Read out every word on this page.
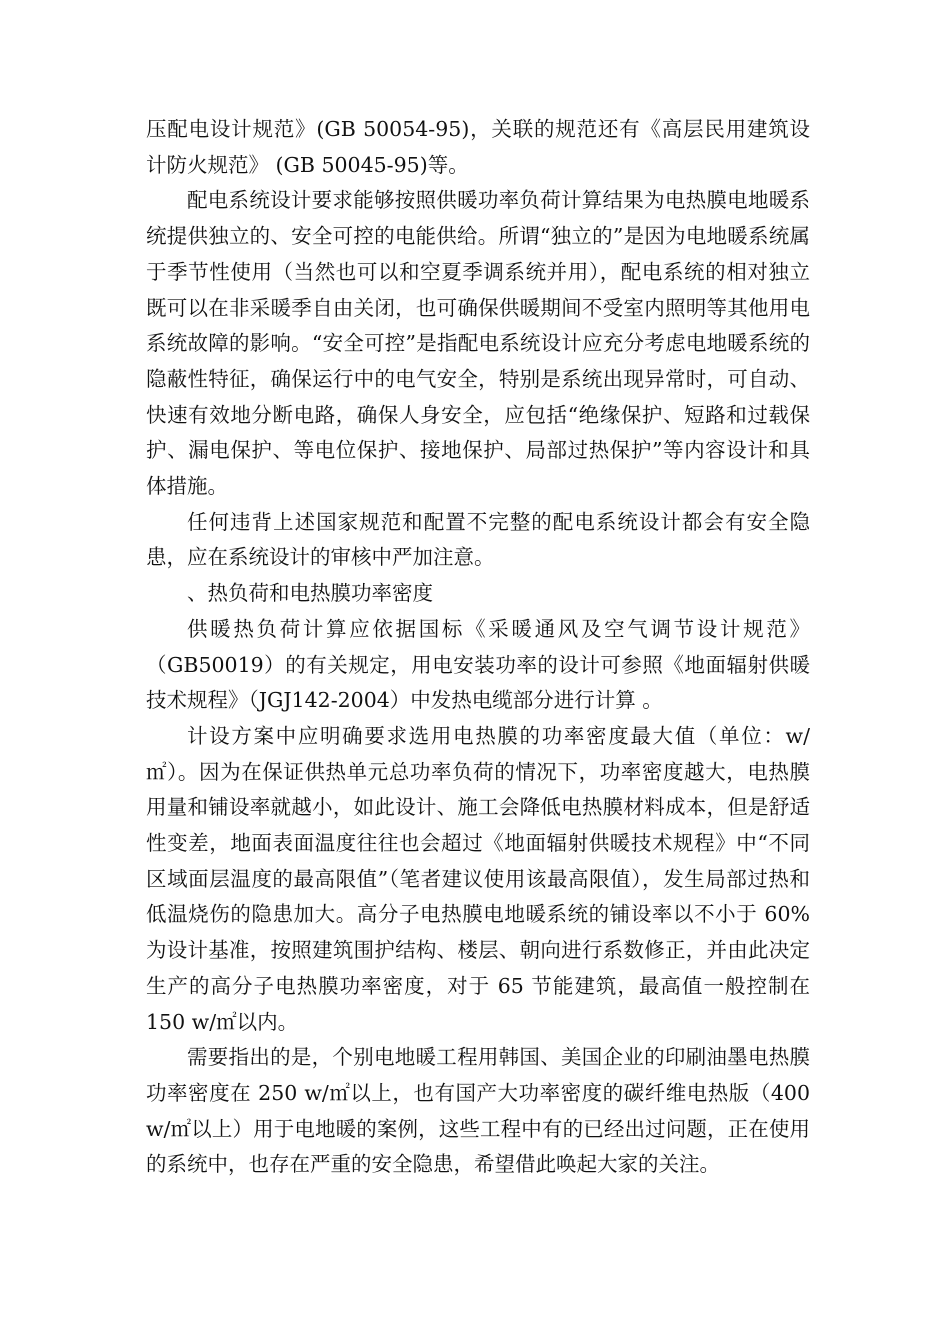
压配电设计规范》(GB 50054-95)，关联的规范还有《高层民用建筑设计防火规范》 (GB 50045-95)等。

配电系统设计要求能够按照供暖功率负荷计算结果为电热膜电地暖系统提供独立的、安全可控的电能供给。所谓“独立的”是因为电地暖系统属于季节性使用（当然也可以和空夏季调系统并用），配电系统的相对独立既可以在非采暖季自由关闭，也可确保供暖期间不受室内照明等其他用电系统故障的影响。“安全可控”是指配电系统设计应充分考虑电地暖系统的隐蔽性特征，确保运行中的电气安全，特别是系统出现异常时，可自动、快速有效地分断电路，确保人身安全，应包括“绝缘保护、短路和过载保护、漏电保护、等电位保护、接地保护、局部过热保护”等内容设计和具体措施。

任何违背上述国家规范和配置不完整的配电系统设计都会有安全隐患，应在系统设计的审核中严加注意。

、热负荷和电热膜功率密度

供暖热负荷计算应依据国标《采暖通风及空气调节设计规范》（GB50019）的有关规定，用电安装功率的设计可参照《地面辐射供暖技术规程》（JGJ142-2004）中发热电缆部分进行计算 。

计设方案中应明确要求选用电热膜的功率密度最大值（单位：w/㎡）。因为在保证供热单元总功率负荷的情况下，功率密度越大，电热膜用量和铺设率就越小，如此设计、施工会降低电热膜材料成本，但是舒适性变差，地面表面温度往往也会超过《地面辐射供暖技术规程》中“不同区域面层温度的最高限值”（笔者建议使用该最高限值），发生局部过热和低温烧伤的隐患加大。高分子电热膜电地暖系统的铺设率以不小于 60%为设计基准，按照建筑围护结构、楼层、朝向进行系数修正，并由此决定生产的高分子电热膜功率密度，对于 65 节能建筑，最高值一般控制在 150 w/㎡以内。

需要指出的是，个别电地暖工程用韩国、美国企业的印刷油墨电热膜功率密度在 250 w/㎡以上，也有国产大功率密度的碳纤维电热版（400 w/㎡以上）用于电地暖的案例，这些工程中有的已经出过问题，正在使用的系统中，也存在严重的安全隐患，希望借此唤起大家的关注。
